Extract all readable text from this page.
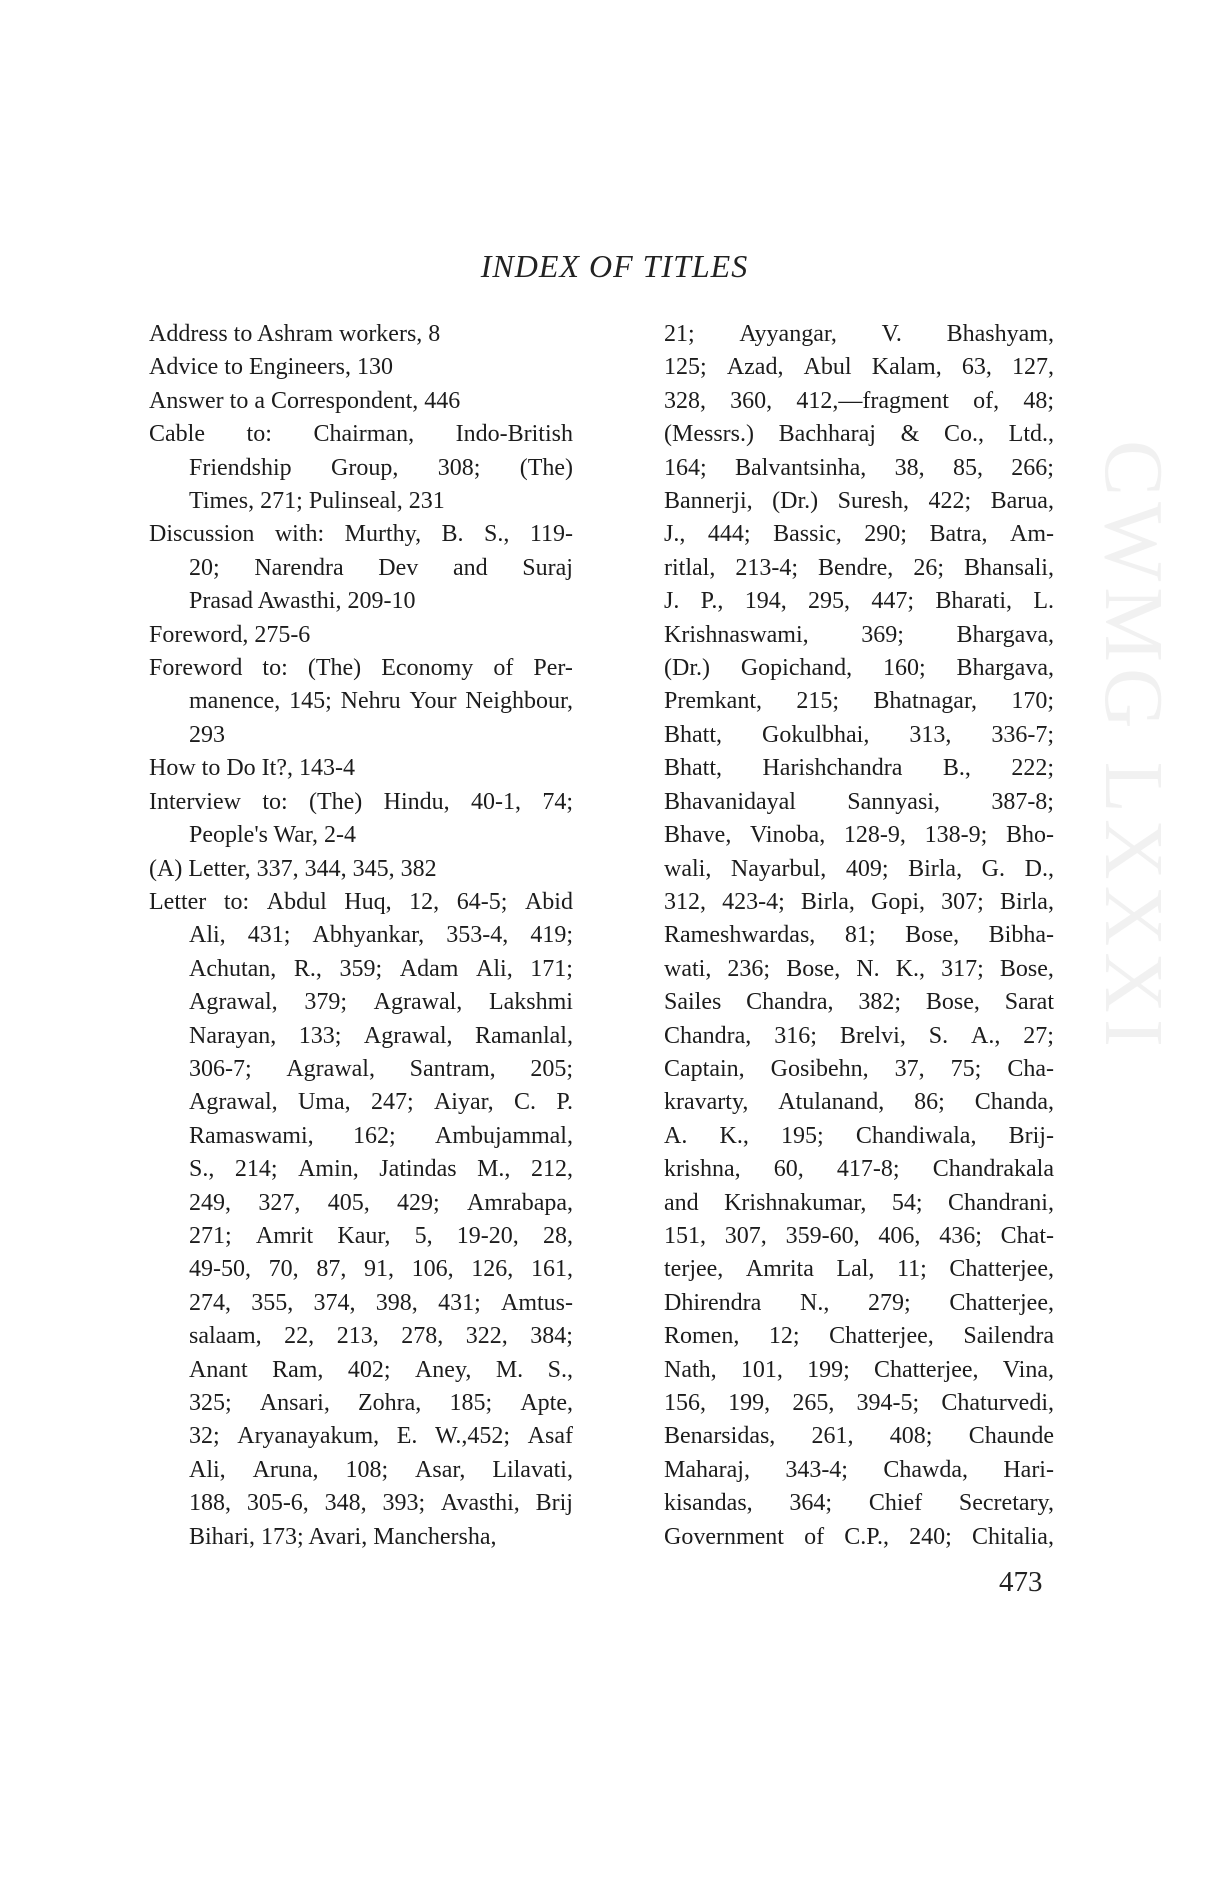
CWMG LXXXI
INDEX OF TITLES
Address to Ashram workers, 8
Advice to Engineers, 130
Answer to a Correspondent, 446
Cable to: Chairman, Indo-British
Friendship Group, 308; (The)
Times, 271; Pulinseal, 231
Discussion with: Murthy, B. S., 119-
20; Narendra Dev and Suraj
Prasad Awasthi, 209-10
Foreword, 275-6
Foreword to: (The) Economy of Per-
manence, 145; Nehru Your Neighbour,
293
How to Do It?, 143-4
Interview to: (The) Hindu, 40-1, 74;
People's War, 2-4
(A) Letter, 337, 344, 345, 382
Letter to: Abdul Huq, 12, 64-5; Abid
Ali, 431; Abhyankar, 353-4, 419;
Achutan, R., 359; Adam Ali, 171;
Agrawal, 379; Agrawal, Lakshmi
Narayan, 133; Agrawal, Ramanlal,
306-7; Agrawal, Santram, 205;
Agrawal, Uma, 247; Aiyar, C. P.
Ramaswami, 162; Ambujammal,
S., 214; Amin, Jatindas M., 212,
249, 327, 405, 429; Amrabapa,
271; Amrit Kaur, 5, 19-20, 28,
49-50, 70, 87, 91, 106, 126, 161,
274, 355, 374, 398, 431; Amtus-
salaam, 22, 213, 278, 322, 384;
Anant Ram, 402; Aney, M. S.,
325; Ansari, Zohra, 185; Apte,
32; Aryanayakum, E. W.,452; Asaf
Ali, Aruna, 108; Asar, Lilavati,
188, 305-6, 348, 393; Avasthi, Brij
Bihari, 173; Avari, Manchersha,
21; Ayyangar, V. Bhashyam,
125; Azad, Abul Kalam, 63, 127,
328, 360, 412,—fragment of, 48;
(Messrs.) Bachharaj & Co., Ltd.,
164; Balvantsinha, 38, 85, 266;
Bannerji, (Dr.) Suresh, 422; Barua,
J., 444; Bassic, 290; Batra, Am-
ritlal, 213-4; Bendre, 26; Bhansali,
J. P., 194, 295, 447; Bharati, L.
Krishnaswami, 369; Bhargava,
(Dr.) Gopichand, 160; Bhargava,
Premkant, 215; Bhatnagar, 170;
Bhatt, Gokulbhai, 313, 336-7;
Bhatt, Harishchandra B., 222;
Bhavanidayal Sannyasi, 387-8;
Bhave, Vinoba, 128-9, 138-9; Bho-
wali, Nayarbul, 409; Birla, G. D.,
312, 423-4; Birla, Gopi, 307; Birla,
Rameshwardas, 81; Bose, Bibha-
wati, 236; Bose, N. K., 317; Bose,
Sailes Chandra, 382; Bose, Sarat
Chandra, 316; Brelvi, S. A., 27;
Captain, Gosibehn, 37, 75; Cha-
kravarty, Atulanand, 86; Chanda,
A. K., 195; Chandiwala, Brij-
krishna, 60, 417-8; Chandrakala
and Krishnakumar, 54; Chandrani,
151, 307, 359-60, 406, 436; Chat-
terjee, Amrita Lal, 11; Chatterjee,
Dhirendra N., 279; Chatterjee,
Romen, 12; Chatterjee, Sailendra
Nath, 101, 199; Chatterjee, Vina,
156, 199, 265, 394-5; Chaturvedi,
Benarsidas, 261, 408; Chaunde
Maharaj, 343-4; Chawda, Hari-
kisandas, 364; Chief Secretary,
Government of C.P., 240; Chitalia,
473
